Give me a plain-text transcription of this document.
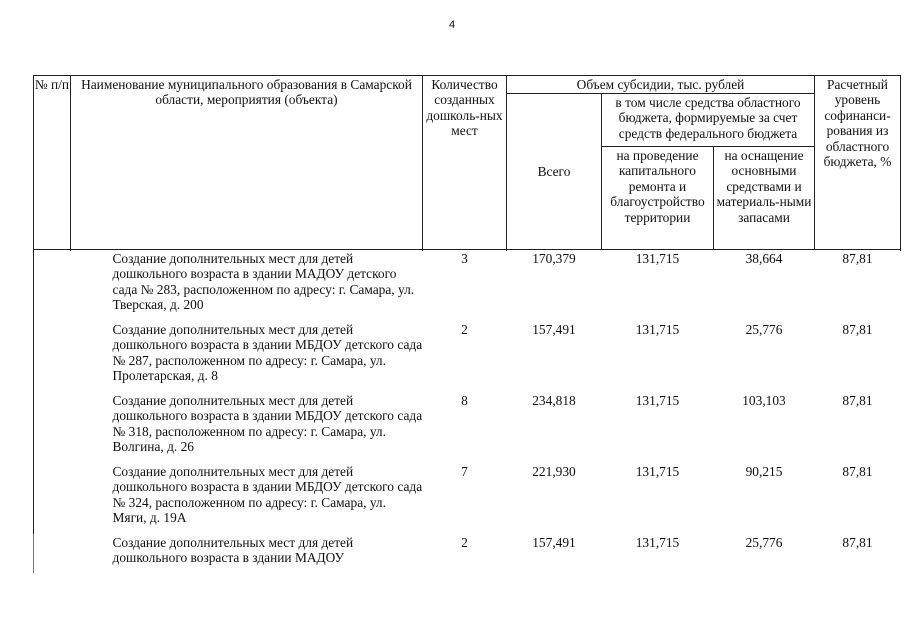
4
№ п/п	Наименование муниципального образования в Самарской области, мероприятия (объекта)	Количество созданных дошколь-ных мест	Объем субсидии, тыс. рублей			Расчетный уровень софинанси-рования из областного бюджета, %
			Всего	в том числе средства областного бюджета, формируемые за счет средств федерального бюджета		
				на проведение капитального ремонта и благоустройство территории	на оснащение основными средствами и материаль-ными запасами	

	Создание дополнительных мест для детей дошкольного возраста в здании МАДОУ детского сада № 283, расположенном по адресу: г. Самара, ул. Тверская, д. 200	3	170,379	131,715	38,664	87,81
	Создание дополнительных мест для детей дошкольного возраста в здании МБДОУ детского сада № 287, расположенном по адресу: г. Самара, ул. Пролетарская, д. 8	2	157,491	131,715	25,776	87,81
	Создание дополнительных мест для детей дошкольного возраста в здании МБДОУ детского сада № 318, расположенном по адресу: г. Самара, ул. Волгина, д. 26	8	234,818	131,715	103,103	87,81
	Создание дополнительных мест для детей дошкольного возраста в здании МБДОУ детского сада № 324, расположенном по адресу: г. Самара, ул. Мяги, д. 19А	7	221,930	131,715	90,215	87,81
	Создание дополнительных мест для детей дошкольного возраста в здании МАДОУ	2	157,491	131,715	25,776	87,81
